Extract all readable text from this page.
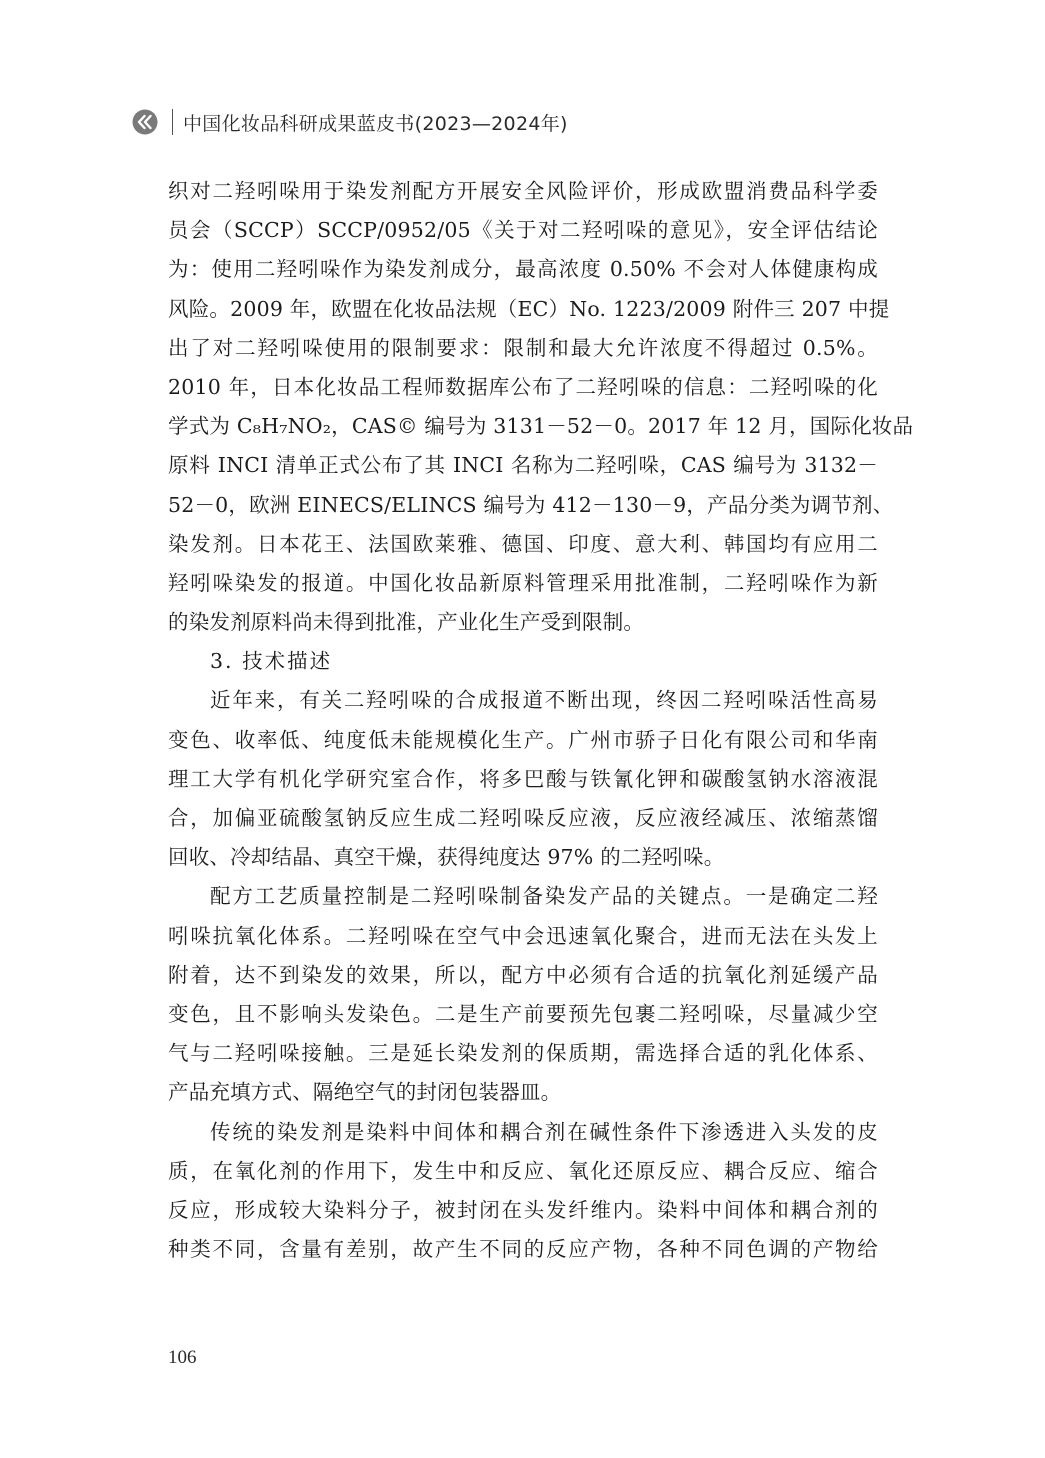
中国化妆品科研成果蓝皮书(2023—2024年)
织对二羟吲哚用于染发剂配方开展安全风险评价，形成欧盟消费品科学委
员会（SCCP）SCCP/0952/05《关于对二羟吲哚的意见》，安全评估结论
为：使用二羟吲哚作为染发剂成分，最高浓度 0.50% 不会对人体健康构成
风险。2009 年，欧盟在化妆品法规（EC）No. 1223/2009 附件三 207 中提
出了对二羟吲哚使用的限制要求：限制和最大允许浓度不得超过 0.5%。
2010 年，日本化妆品工程师数据库公布了二羟吲哚的信息：二羟吲哚的化
学式为 C₈H₇NO₂，CAS© 编号为 3131－52－0。2017 年 12 月，国际化妆品
原料 INCI 清单正式公布了其 INCI 名称为二羟吲哚，CAS 编号为 3132－
52－0，欧洲 EINECS/ELINCS 编号为 412－130－9，产品分类为调节剂、
染发剂。日本花王、法国欧莱雅、德国、印度、意大利、韩国均有应用二
羟吲哚染发的报道。中国化妆品新原料管理采用批准制，二羟吲哚作为新
的染发剂原料尚未得到批准，产业化生产受到限制。
3. 技术描述
近年来，有关二羟吲哚的合成报道不断出现，终因二羟吲哚活性高易
变色、收率低、纯度低未能规模化生产。广州市骄子日化有限公司和华南
理工大学有机化学研究室合作，将多巴酸与铁氰化钾和碳酸氢钠水溶液混
合，加偏亚硫酸氢钠反应生成二羟吲哚反应液，反应液经减压、浓缩蒸馏
回收、冷却结晶、真空干燥，获得纯度达 97% 的二羟吲哚。
配方工艺质量控制是二羟吲哚制备染发产品的关键点。一是确定二羟
吲哚抗氧化体系。二羟吲哚在空气中会迅速氧化聚合，进而无法在头发上
附着，达不到染发的效果，所以，配方中必须有合适的抗氧化剂延缓产品
变色，且不影响头发染色。二是生产前要预先包裹二羟吲哚，尽量减少空
气与二羟吲哚接触。三是延长染发剂的保质期，需选择合适的乳化体系、
产品充填方式、隔绝空气的封闭包装器皿。
传统的染发剂是染料中间体和耦合剂在碱性条件下渗透进入头发的皮
质，在氧化剂的作用下，发生中和反应、氧化还原反应、耦合反应、缩合
反应，形成较大染料分子，被封闭在头发纤维内。染料中间体和耦合剂的
种类不同，含量有差别，故产生不同的反应产物，各种不同色调的产物给
106
